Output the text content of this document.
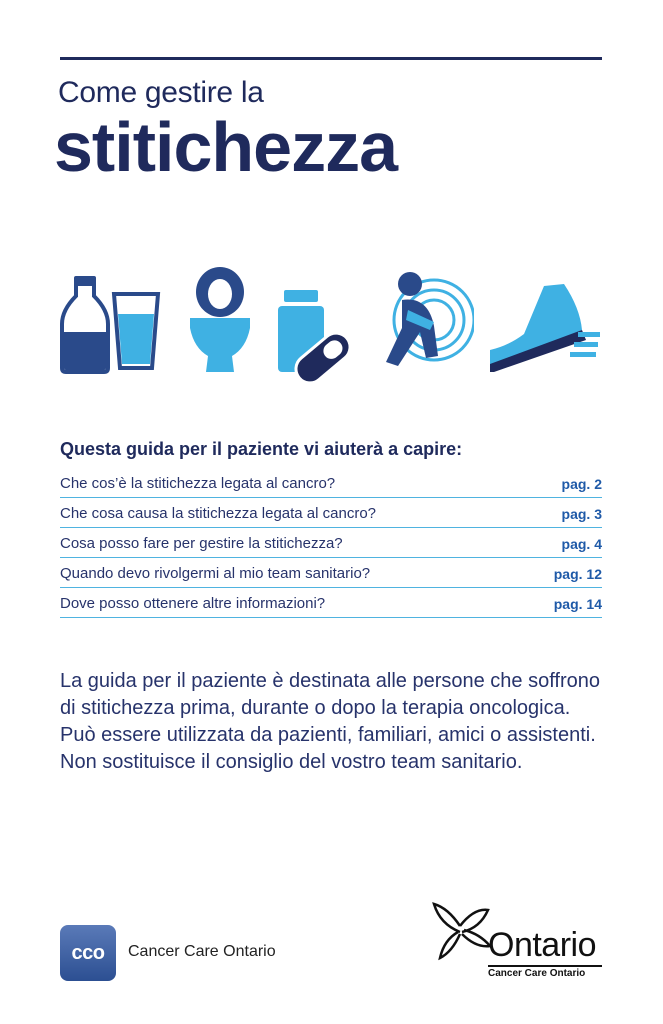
Come gestire la
stitichezza
Questa guida per il paziente vi aiuterà a capire:
Che cos’è la stitichezza legata al cancro?	pag. 2
Che cosa causa la stitichezza legata al cancro?	pag. 3
Cosa posso fare per gestire la stitichezza?	pag. 4
Quando devo rivolgermi al mio team sanitario?	pag. 12
Dove posso ottenere altre informazioni?	pag. 14
La guida per il paziente è destinata alle persone che soffrono
di stitichezza prima, durante o dopo la terapia oncologica.
Può essere utilizzata da pazienti, familiari, amici o assistenti.
Non sostituisce il consiglio del vostro team sanitario.
cco	Cancer Care Ontario	Ontario
Cancer Care Ontario
